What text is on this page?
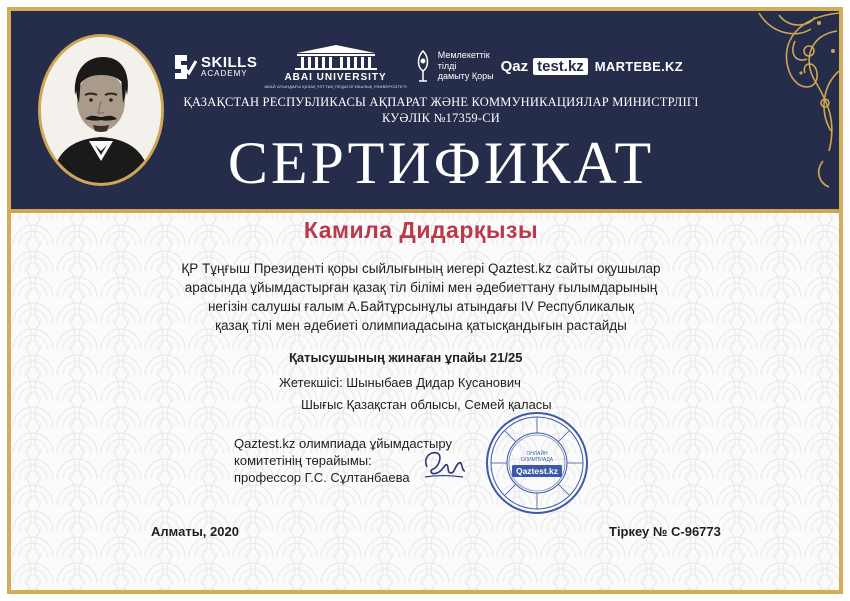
SKILLS
ACADEMY	ABAI UNIVERSITY
АБАЙ АТЫНДАҒЫ ҚАЗАҚ ҰЛТТЫҚ ПЕДАГОГИКАЛЫҚ УНИВЕРСИТЕТІ
Мемлекеттік
тілді
дамыту Қоры
Qaz test.kz MARTEBE.KZ
ҚАЗАҚСТАН РЕСПУБЛИКАСЫ АҚПАРАТ ЖӘНЕ КОММУНИКАЦИЯЛАР МИНИСТРЛІГІ
КУӘЛІК №17359-СИ
СЕРТИФИКАТ
Камила Дидарқызы
ҚР Тұңғыш Президенті қоры сыйлығының иегері Qaztest.kz сайты оқушылар
арасында ұйымдастырған қазақ тіл білімі мен әдебиеттану ғылымдарының
негізін салушы ғалым А.Байтұрсынұлы атындағы IV Республикалық
қазақ тілі мен әдебиеті олимпиадасына қатысқандығын растайды
Қатысушының жинаған ұпайы 21/25
Жетекшісі: Шыныбаев Дидар Кусанович
Шығыс Қазақстан облысы, Семей қаласы
Qaztest.kz олимпиада ұйымдастыру
комитетінің төрайымы:
профессор Г.С. Сұлтанбаева
ОНЛАЙН
ОЛИМПИАДА
Qaztest.kz
Алматы, 2020	Тіркеу № С-96773
